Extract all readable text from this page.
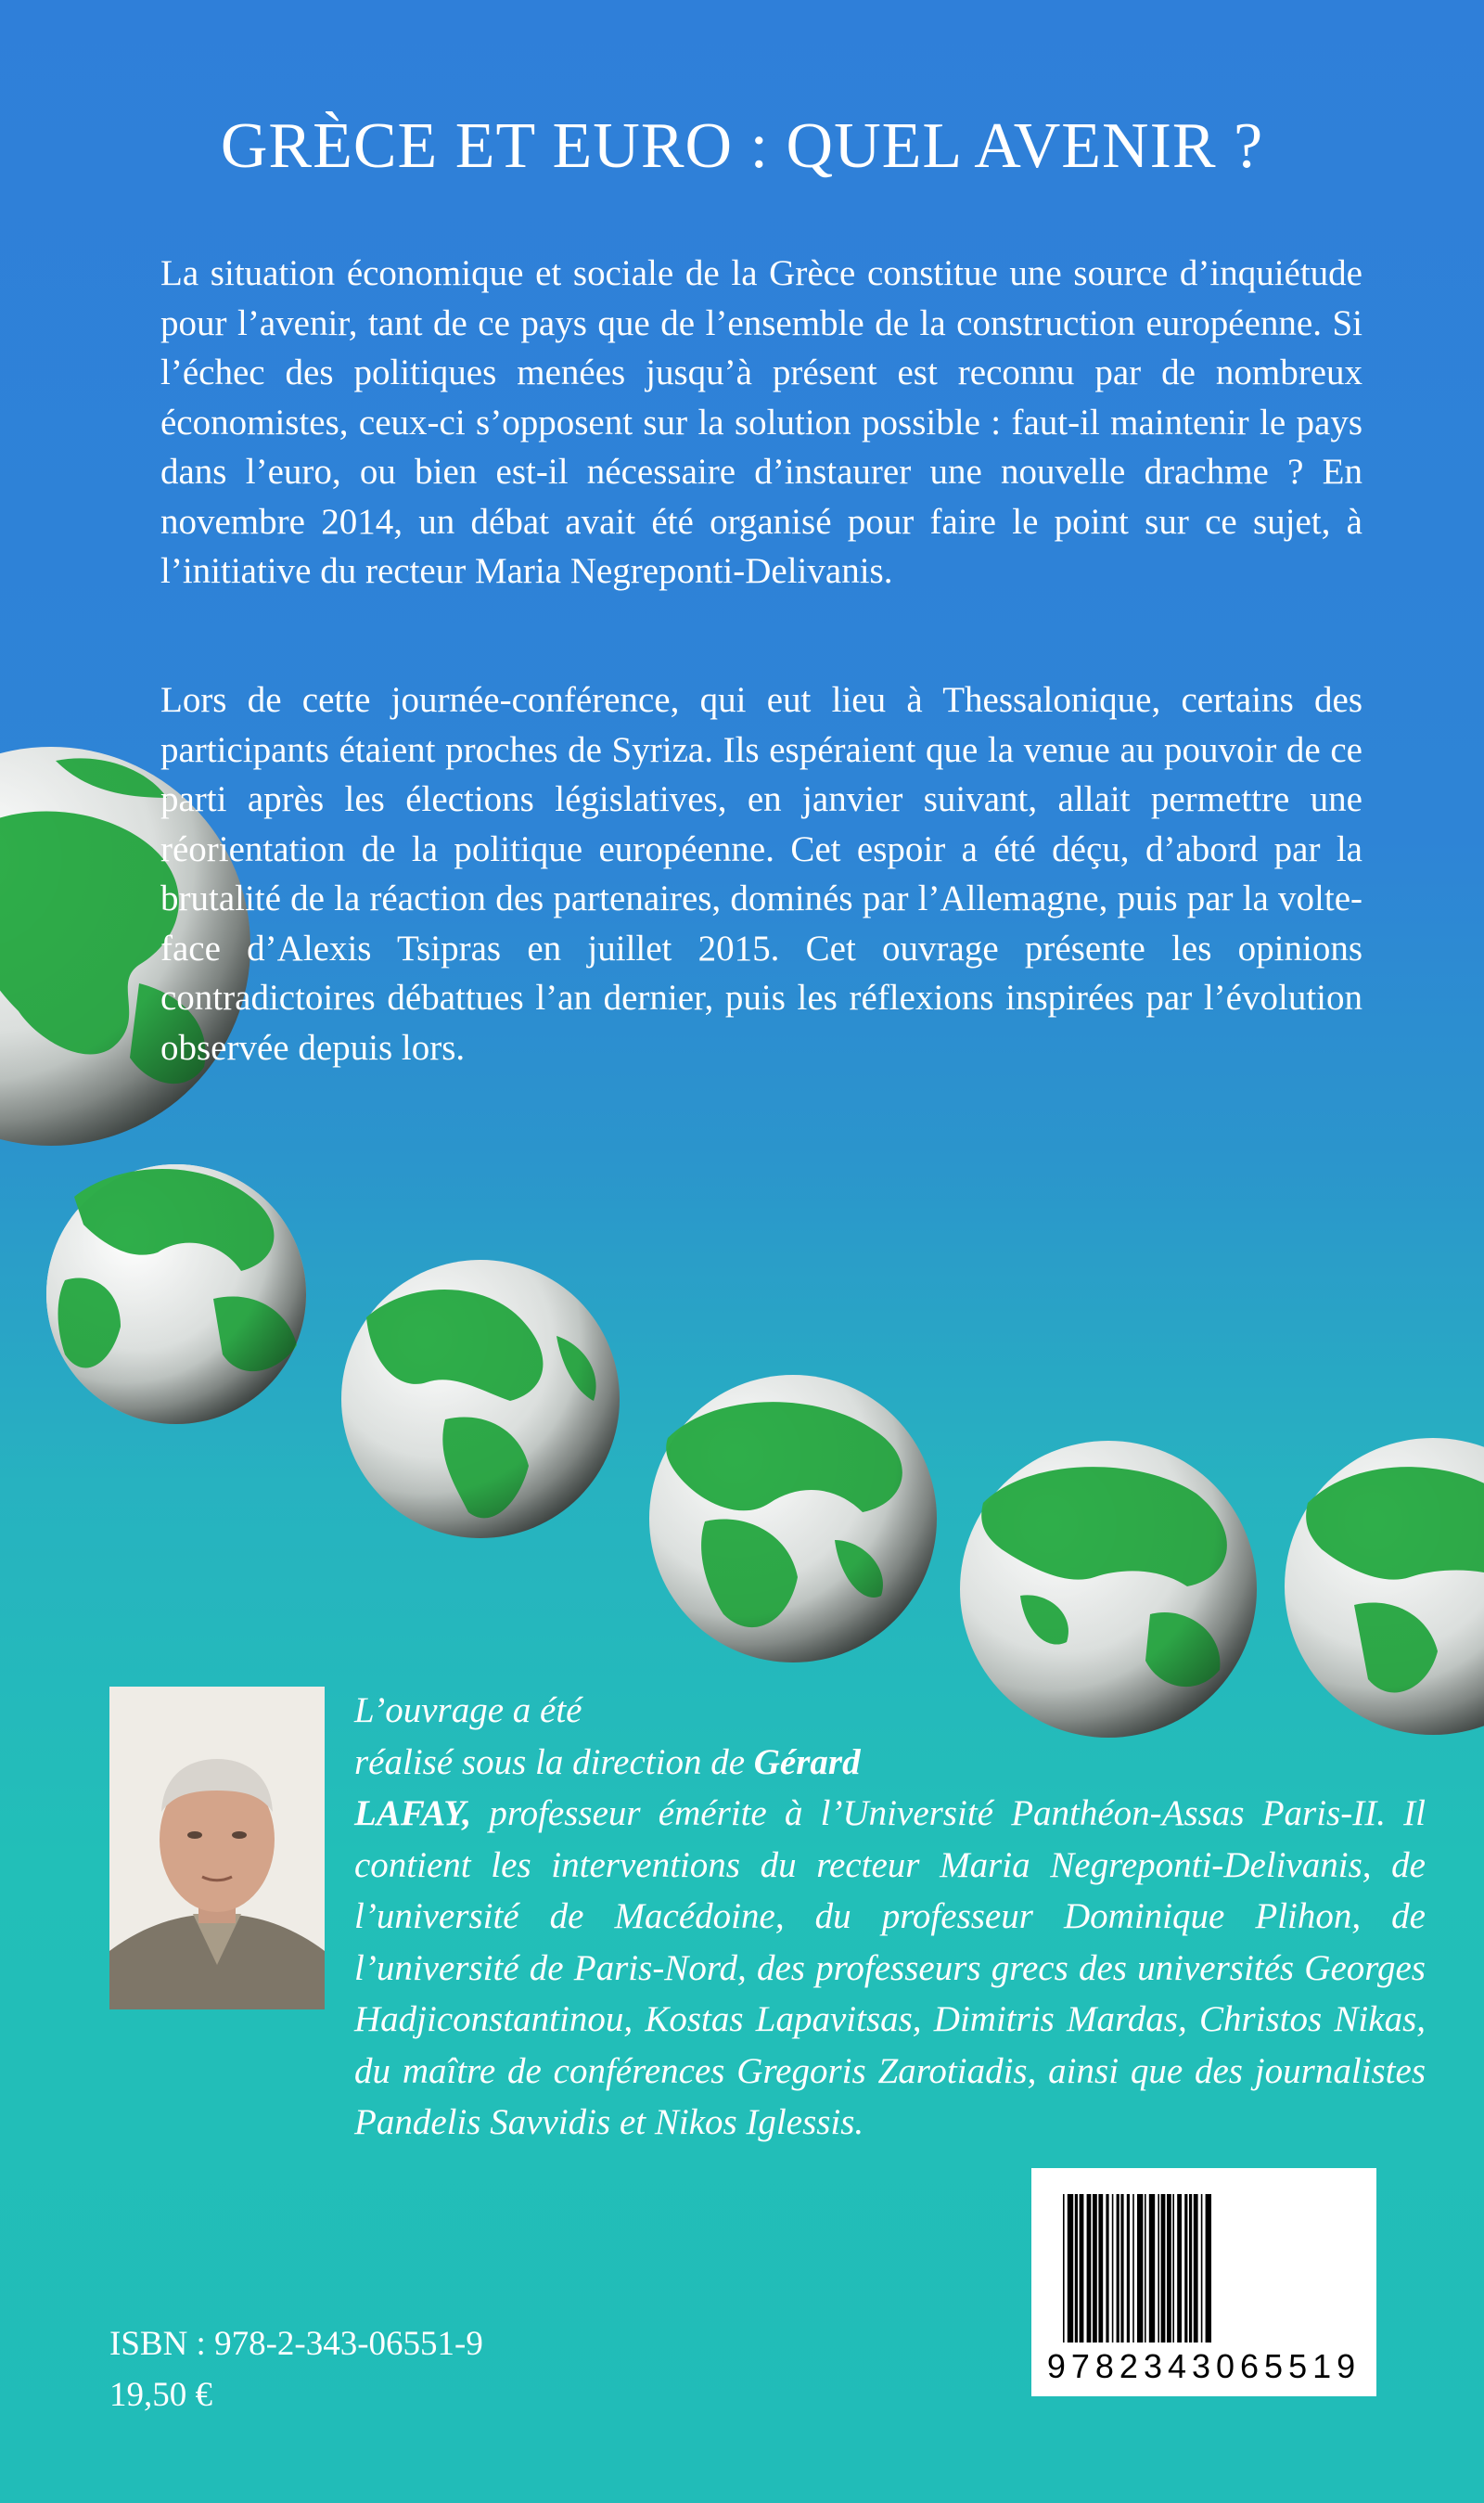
GRÈCE ET EURO : QUEL AVENIR ?

La situation économique et sociale de la Grèce constitue une source d’inquiétude pour l’avenir, tant de ce pays que de l’ensemble de la construction européenne. Si l’échec des politiques menées jusqu’à présent est reconnu par de nombreux économistes, ceux-ci s’opposent sur la solution possible : faut-il maintenir le pays dans l’euro, ou bien est-il nécessaire d’instaurer une nouvelle drachme ? En novembre 2014, un débat avait été organisé pour faire le point sur ce sujet, à l’initiative du recteur Maria Negreponti-Delivanis.

Lors de cette journée-conférence, qui eut lieu à Thessalonique, certains des participants étaient proches de Syriza. Ils espéraient que la venue au pouvoir de ce parti après les élections législatives, en janvier suivant, allait permettre une réorientation de la politique européenne. Cet espoir a été déçu, d’abord par la brutalité de la réaction des partenaires, dominés par l’Allemagne, puis par la volte-face d’Alexis Tsipras en juillet 2015. Cet ouvrage présente les opinions contradictoires débattues l’an dernier, puis les réflexions inspirées par l’évolution observée depuis lors.

L’ouvrage a été
réalisé sous la direction de Gérard
LAFAY, professeur émérite à l’Université Panthéon-Assas Paris-II. Il contient les interventions du recteur Maria Negreponti-Delivanis, de l’université de Macédoine, du professeur Dominique Plihon, de l’université de Paris-Nord, des professeurs grecs des universités Georges Hadjiconstantinou, Kostas Lapavitsas, Dimitris Mardas, Christos Nikas, du maître de conférences Gregoris Zarotiadis, ainsi que des journalistes Pandelis Savvidis et Nikos Iglessis.

9782343065519
ISBN : 978-2-343-06551-9
19,50 €
